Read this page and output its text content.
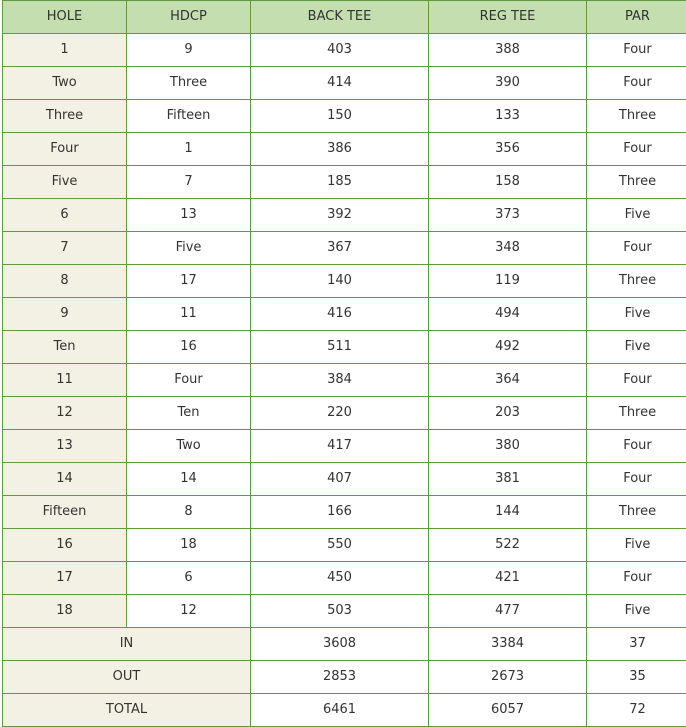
HOLE	HDCP	BACK TEE	REG TEE	PAR
1	9	403	388	Four
Two	Three	414	390	Four
Three	Fifteen	150	133	Three
Four	1	386	356	Four
Five	7	185	158	Three
6	13	392	373	Five
7	Five	367	348	Four
8	17	140	119	Three
9	11	416	494	Five
Ten	16	511	492	Five
11	Four	384	364	Four
12	Ten	220	203	Three
13	Two	417	380	Four
14	14	407	381	Four
Fifteen	8	166	144	Three
16	18	550	522	Five
17	6	450	421	Four
18	12	503	477	Five
IN		3608	3384	37
OUT		2853	2673	35
TOTAL		6461	6057	72
